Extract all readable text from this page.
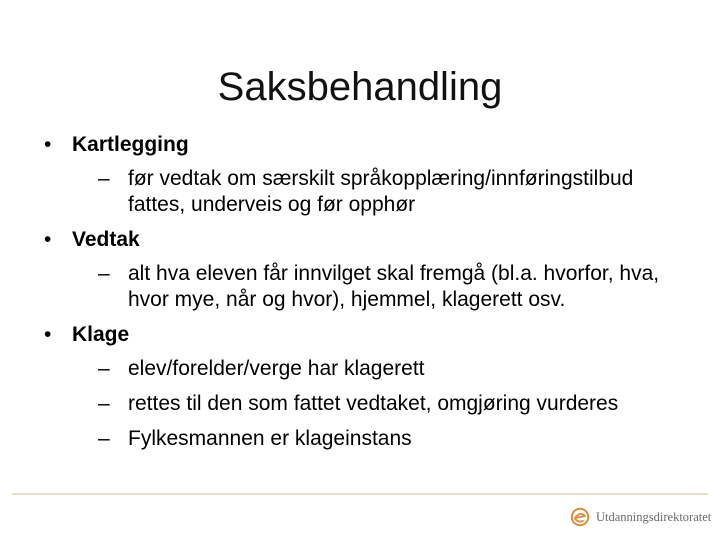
Saksbehandling
• Kartlegging
– før vedtak om særskilt språkopplæring/innføringstilbud fattes, underveis og før opphør
• Vedtak
– alt hva eleven får innvilget skal fremgå (bl.a. hvorfor, hva, hvor mye, når og hvor), hjemmel, klagerett osv.
• Klage
– elev/forelder/verge har klagerett
– rettes til den som fattet vedtaket, omgjøring vurderes
– Fylkesmannen er klageinstans
Utdanningsdirektoratet
